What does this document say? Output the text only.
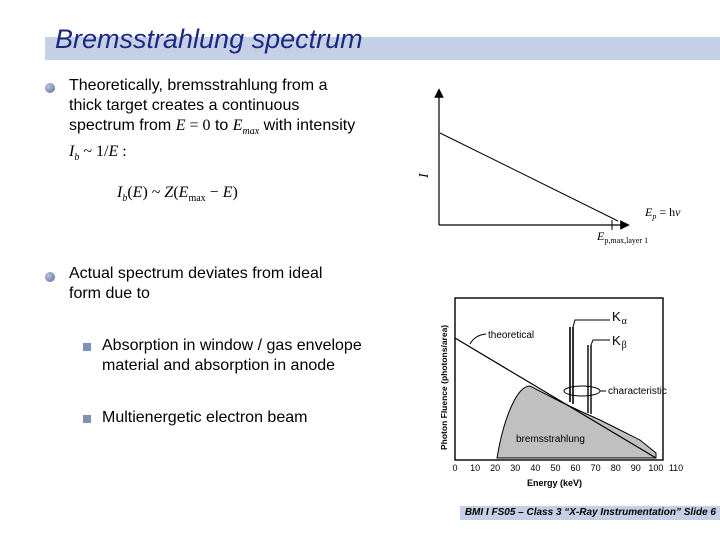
Bremsstrahlung spectrum
Theoretically, bremsstrahlung from a
thick target creates a continuous
spectrum from E = 0 to $E_{max}$ with intensity
$I_b$ ~ 1/E :
$I_b(E)$ ~ $Z(E_{max} - E)$
Actual spectrum deviates from ideal
form due to
Absorption in window / gas envelope
material and absorption in anode
Multienergetic electron beam
I
$E_p = h\nu$
$E_{p,max,layer 1}$
theoretical
characteristic
bremsstrahlung
$K_\alpha$
$K_\beta$
Photon Fluence (photons/area)
0 10 20 30 40 50 60 70 80 90 100 110
Energy (keV)
BMI I FS05 – Class 3 “X-Ray Instrumentation” Slide 6
